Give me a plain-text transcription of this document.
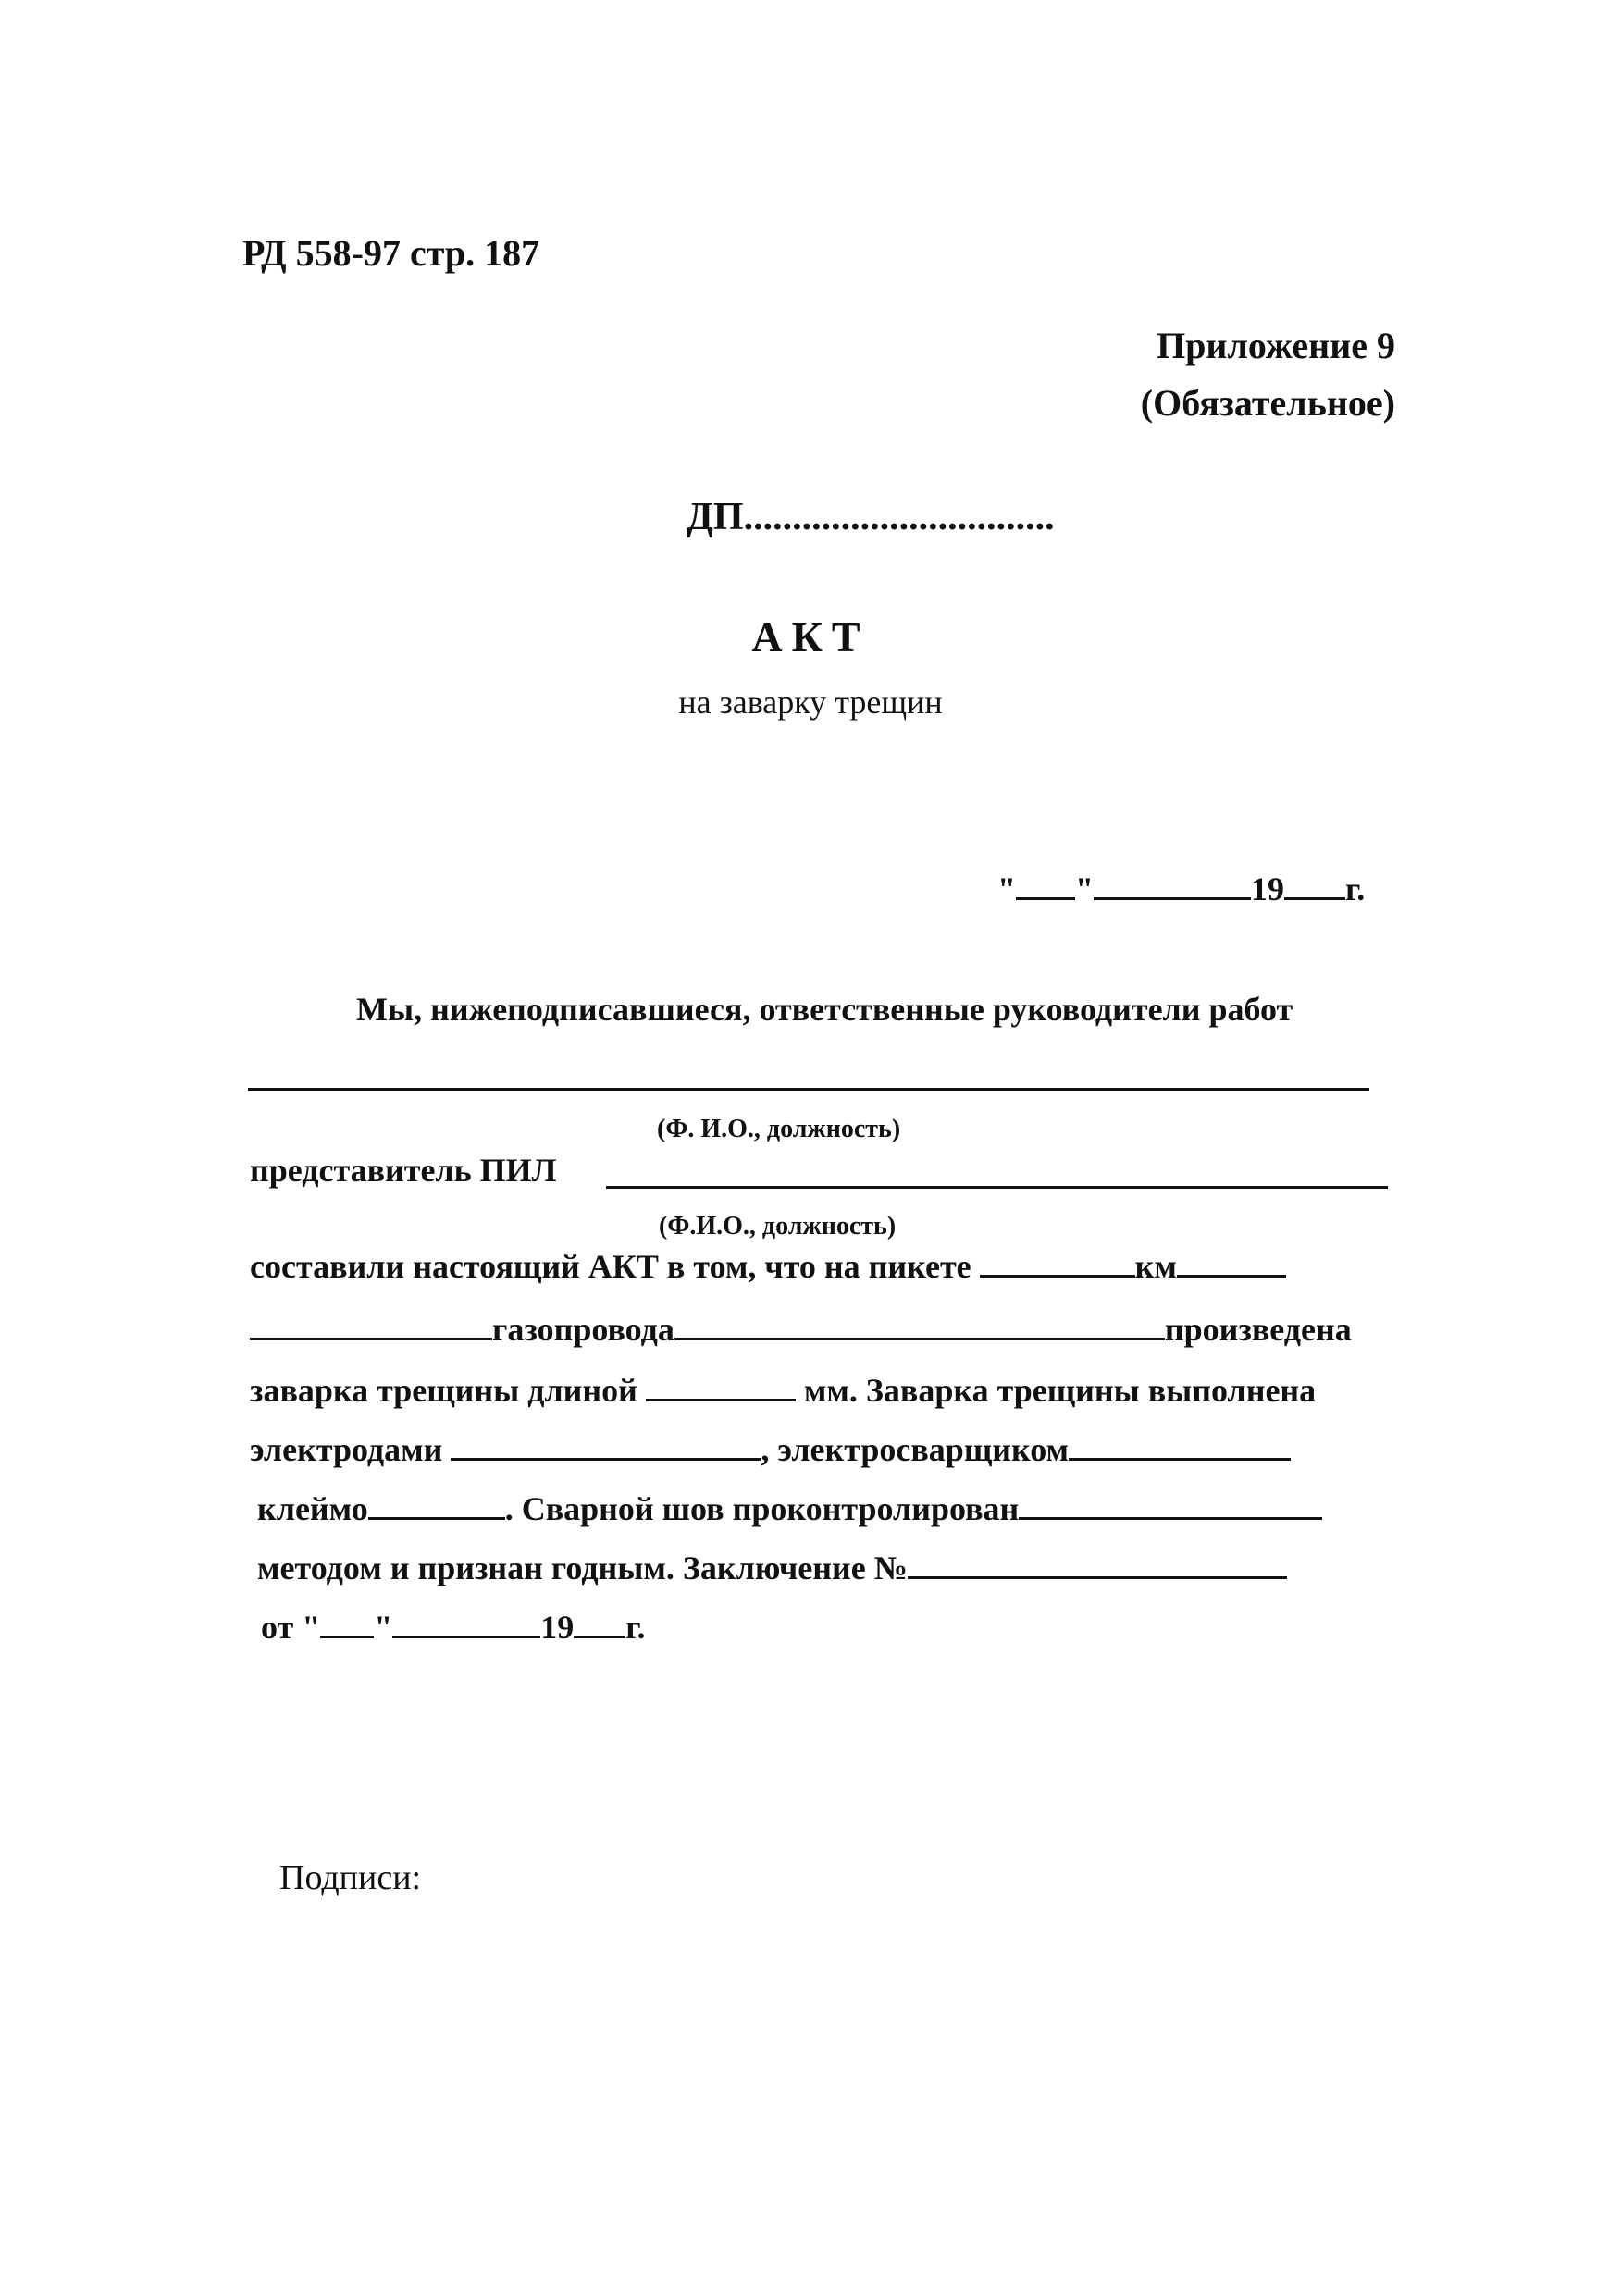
РД 558-97 стр. 187
Приложение 9
(Обязательное)
ДП................................
АКТ
на заварку трещин
" "	19 г.
Мы, нижеподписавшиеся, ответственные руководители работ
(Ф. И.О., должность)
представитель ПИЛ
(Ф.И.О., должность)
составили настоящий АКТ в том, что на пикете	км
газопровода	произведена
заварка трещины длиной	мм. Заварка трещины выполнена
электродами	, электросварщиком
клеймо	. Сварной шов проконтролирован
методом и признан годным. Заключение №
от " "	19 г.
Подписи:
